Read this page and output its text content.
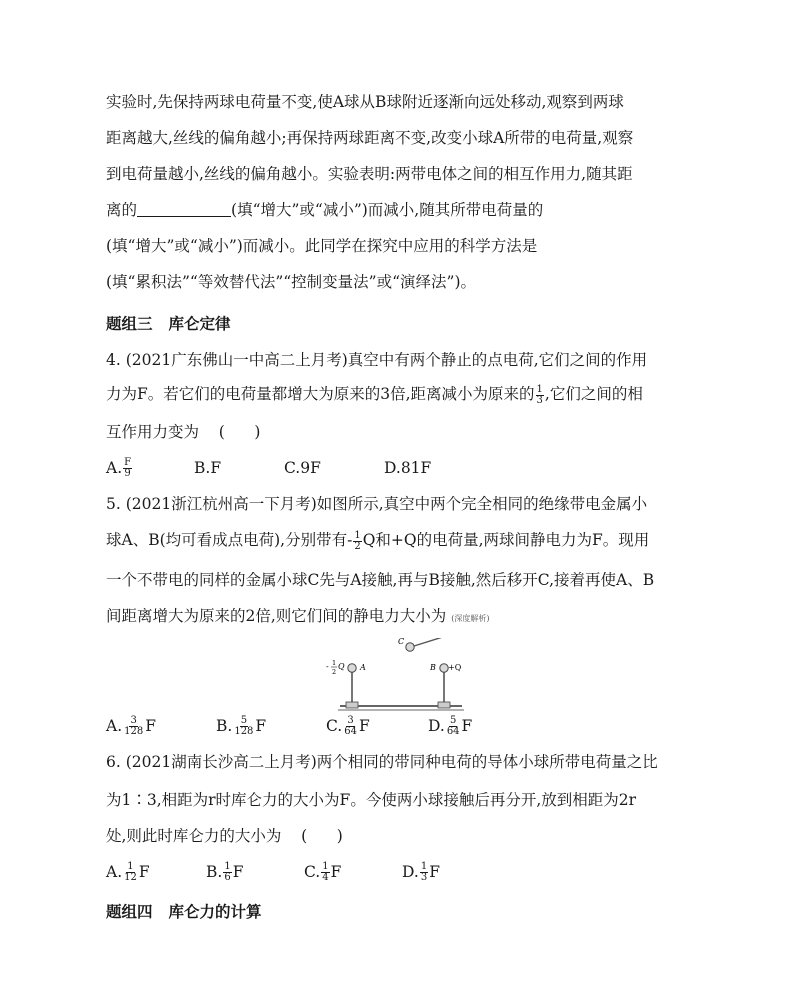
实验时,先保持两球电荷量不变,使A球从B球附近逐渐向远处移动,观察到两球
距离越大,丝线的偏角越小;再保持两球距离不变,改变小球A所带的电荷量,观察
到电荷量越小,丝线的偏角越小。实验表明:两带电体之间的相互作用力,随其距
离的	(填“增大”或“减小”)而减小,随其所带电荷量的
(填“增大”或“减小”)而减小。此同学在探究中应用的科学方法是
(填“累积法”“等效替代法”“控制变量法”或“演绎法”)。
题组三 库仑定律
4. (2021广东佛山一中高二上月考)真空中有两个静止的点电荷,它们之间的作用
力为F。若它们的电荷量都增大为原来的3倍,距离减小为原来的 $\frac{1}{3}$ ,它们之间的相
互作用力变为    (      )
A. $\frac{F}{9}$	B. F	C. 9F	D. 81F
5. (2021浙江杭州高一下月考)如图所示,真空中两个完全相同的绝缘带电金属小
球A、B(均可看成点电荷),分别带有- $\frac{1}{2}$ Q和+Q的电荷量,两球间静电力为F。现用
一个不带电的同样的金属小球C先与A接触,再与B接触,然后移开C,接着再使A、B
间距离增大为原来的2倍,则它们间的静电力大小为 (深度解析)
C
A	B +Q
- 1
2
Q
A. $\frac{3}{128}$ F	B. $\frac{5}{128}$ F	C. $\frac{3}{64}$ F	D. $\frac{5}{64}$ F
6. (2021湖南长沙高二上月考)两个相同的带同种电荷的导体小球所带电荷量之比
为1∶3,相距为r时库仑力的大小为F。今使两小球接触后再分开,放到相距为2r
处,则此时库仑力的大小为    (      )
A. $\frac{1}{12}$ F	B. $\frac{1}{6}$ F	C. $\frac{1}{4}$ F	D. $\frac{1}{3}$ F
题组四 库仑力的计算
